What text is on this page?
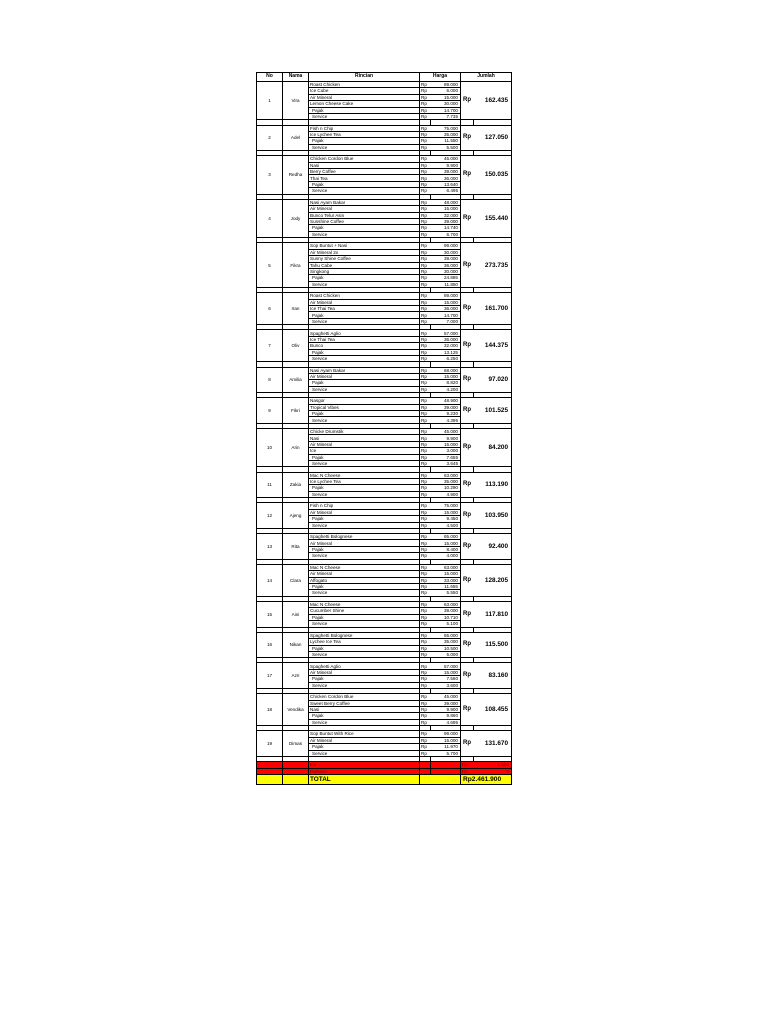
No	Nama	Rincian	Harga		Jumlah	
1	Vira	Roast Chicken	Rp	89.000	Rp	162.435
		Ice Cube	Rp	6.000		
		Air Mineral	Rp	15.000		
		Lemon Cheese Cake	Rp	30.000		
		Pajak	Rp	14.700		
		Service	Rp	7.735		

2	Adel	Fish n Chip	Rp	75.000	Rp	127.050
		Ice Lychee Tea	Rp	35.000		
		Pajak	Rp	11.550		
		Service	Rp	5.500		

3	Redha	Chicken Cordon Blue	Rp	45.000	Rp	150.035
		Nasi	Rp	9.900		
		Berry Coffee	Rp	39.000		
		Thai Tea	Rp	36.000		
		Pajak	Rp	13.640		
		Service	Rp	6.495		

4	Jody	Nasi Ayam Bakar	Rp	48.000	Rp	155.440
		Air Mineral	Rp	15.000		
		Bunco Telur Asin	Rp	32.000		
		Sunshine Coffee	Rp	39.000		
		Pajak	Rp	14.740		
		Service	Rp	6.700		

5	Fikra	Sop Buntut + Nasi	Rp	99.000	Rp	273.735
		Air Mineral 2x	Rp	30.000		
		Sunny Shine Coffee	Rp	39.000		
		Tahu Cabe	Rp	36.000		
		Singkong	Rp	30.000		
		Pajak	Rp	24.885		
		Service	Rp	11.850		

6	Iran	Roast Chicken	Rp	89.000	Rp	161.700
		Air Mineral	Rp	15.000		
		Ice Thai Tea	Rp	36.000		
		Pajak	Rp	14.700		
		Service	Rp	7.000		

7	Oliv	Spaghetti Aglio	Rp	57.000	Rp	144.375
		Ice Thai Tea	Rp	36.000		
		Bunco	Rp	32.000		
		Pajak	Rp	13.125		
		Service	Rp	6.250		

8	Amilia	Nasi Ayam Bakar	Rp	68.000	Rp	97.020
		Air Mineral	Rp	15.000		
		Pajak	Rp	8.820		
		Service	Rp	4.200		

9	Fikri	Nasgor	Rp	48.900	Rp	101.525
		Tropical Vibes	Rp	39.000		
		Pajak	Rp	9.230		
		Service	Rp	4.395		

10	Arin	Chicke Drumstik	Rp	45.000	Rp	84.200
		Nasi	Rp	9.900		
		Air Mineral	Rp	15.000		
		Ice	Rp	3.000		
		Pajak	Rp	7.655		
		Service	Rp	3.645		

11	Zakia	Mac N Cheese	Rp	63.000	Rp	113.190
		Ice Lychee Tea	Rp	35.000		
		Pajak	Rp	10.290		
		Service	Rp	4.900		

12	Ajeng	Fish n Chip	Rp	75.000	Rp	103.950
		Air Mineral	Rp	15.000		
		Pajak	Rp	9.450		
		Service	Rp	4.500		

13	Rita	Spaghetti Bolognese	Rp	65.000	Rp	92.400
		Air Mineral	Rp	15.000		
		Pajak	Rp	8.400		
		Service	Rp	4.000		

14	Clara	Mac N Cheese	Rp	63.000	Rp	128.205
		Air Mineral	Rp	15.000		
		Affogato	Rp	33.000		
		Pajak	Rp	11.655		
		Service	Rp	5.550		

15	Aini	Mac N Cheese	Rp	63.000	Rp	117.810
		Cucumber Shine	Rp	39.000		
		Pajak	Rp	10.710		
		Service	Rp	5.100		

16	Nikan	Spaghetti Bolognese	Rp	65.000	Rp	115.500
		Lychee Ice Tea	Rp	35.000		
		Pajak	Rp	10.500		
		Service	Rp	5.000		

17	Azri	Spaghetti Aglio	Rp	57.000	Rp	83.160
		Air Mineral	Rp	15.000		
		Pajak	Rp	7.560		
		Service	Rp	3.600		

18	Vendika	Chicken Cordon Blue	Rp	45.000	Rp	108.455
		Sweet Berry Coffee	Rp	39.000		
		Nasi	Rp	9.900		
		Pajak	Rp	9.860		
		Service	Rp	4.695		

19	Dimas	Sop Buntut With Rice	Rp	99.000	Rp	131.670
		Air Mineral	Rp	15.000		
		Pajak	Rp	11.970		
		Service	Rp	5.700		

		Ice			Rp	1.500
		Parkiran			Rp	0
		TOTAL			Rp2.461.900	
